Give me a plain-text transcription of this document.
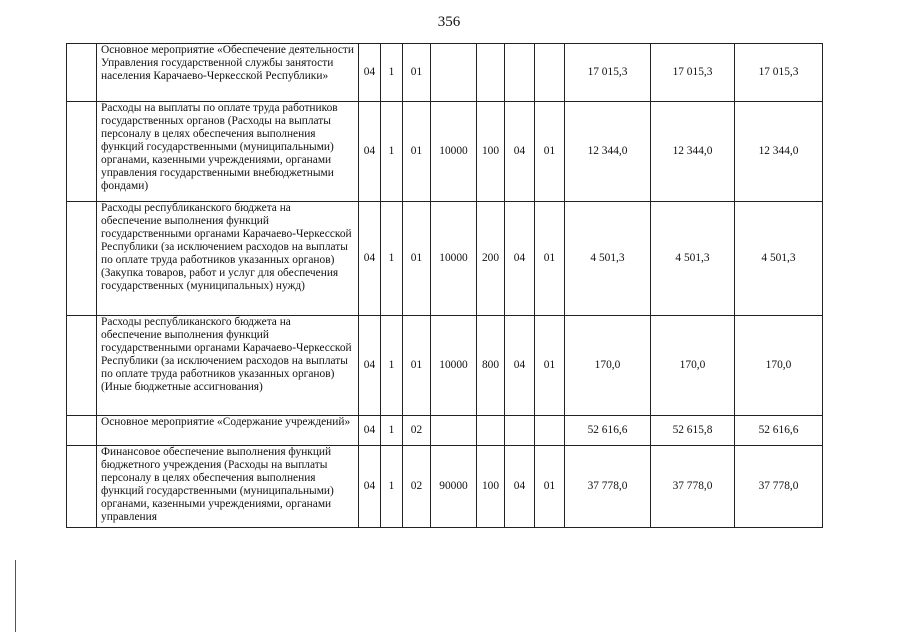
356
	Основное мероприятие «Обеспечение деятельности Управления государственной службы занятости населения Карачаево-Черкесской Республики»	04	1	01					17 015,3	17 015,3	17 015,3
	Расходы на выплаты по оплате труда работников государственных органов (Расходы на выплаты персоналу в целях обеспечения выполнения функций государственными (муниципальными) органами, казенными учреждениями, органами управления государственными внебюджетными фондами)	04	1	01	10000	100	04	01	12 344,0	12 344,0	12 344,0
	Расходы республиканского бюджета на обеспечение выполнения функций государственными органами Карачаево-Черкесской Республики (за исключением расходов на выплаты по оплате труда работников указанных органов) (Закупка товаров, работ и услуг для обеспечения государственных (муниципальных) нужд)	04	1	01	10000	200	04	01	4 501,3	4 501,3	4 501,3
	Расходы республиканского бюджета на обеспечение выполнения функций государственными органами Карачаево-Черкесской Республики (за исключением расходов на выплаты по оплате труда работников указанных органов) (Иные бюджетные ассигнования)	04	1	01	10000	800	04	01	170,0	170,0	170,0
	Основное мероприятие «Содержание учреждений»	04	1	02					52 616,6	52 615,8	52 616,6
	Финансовое обеспечение выполнения функций бюджетного учреждения (Расходы на выплаты персоналу в целях обеспечения выполнения функций государственными (муниципальными) органами, казенными учреждениями, органами управления	04	1	02	90000	100	04	01	37 778,0	37 778,0	37 778,0
